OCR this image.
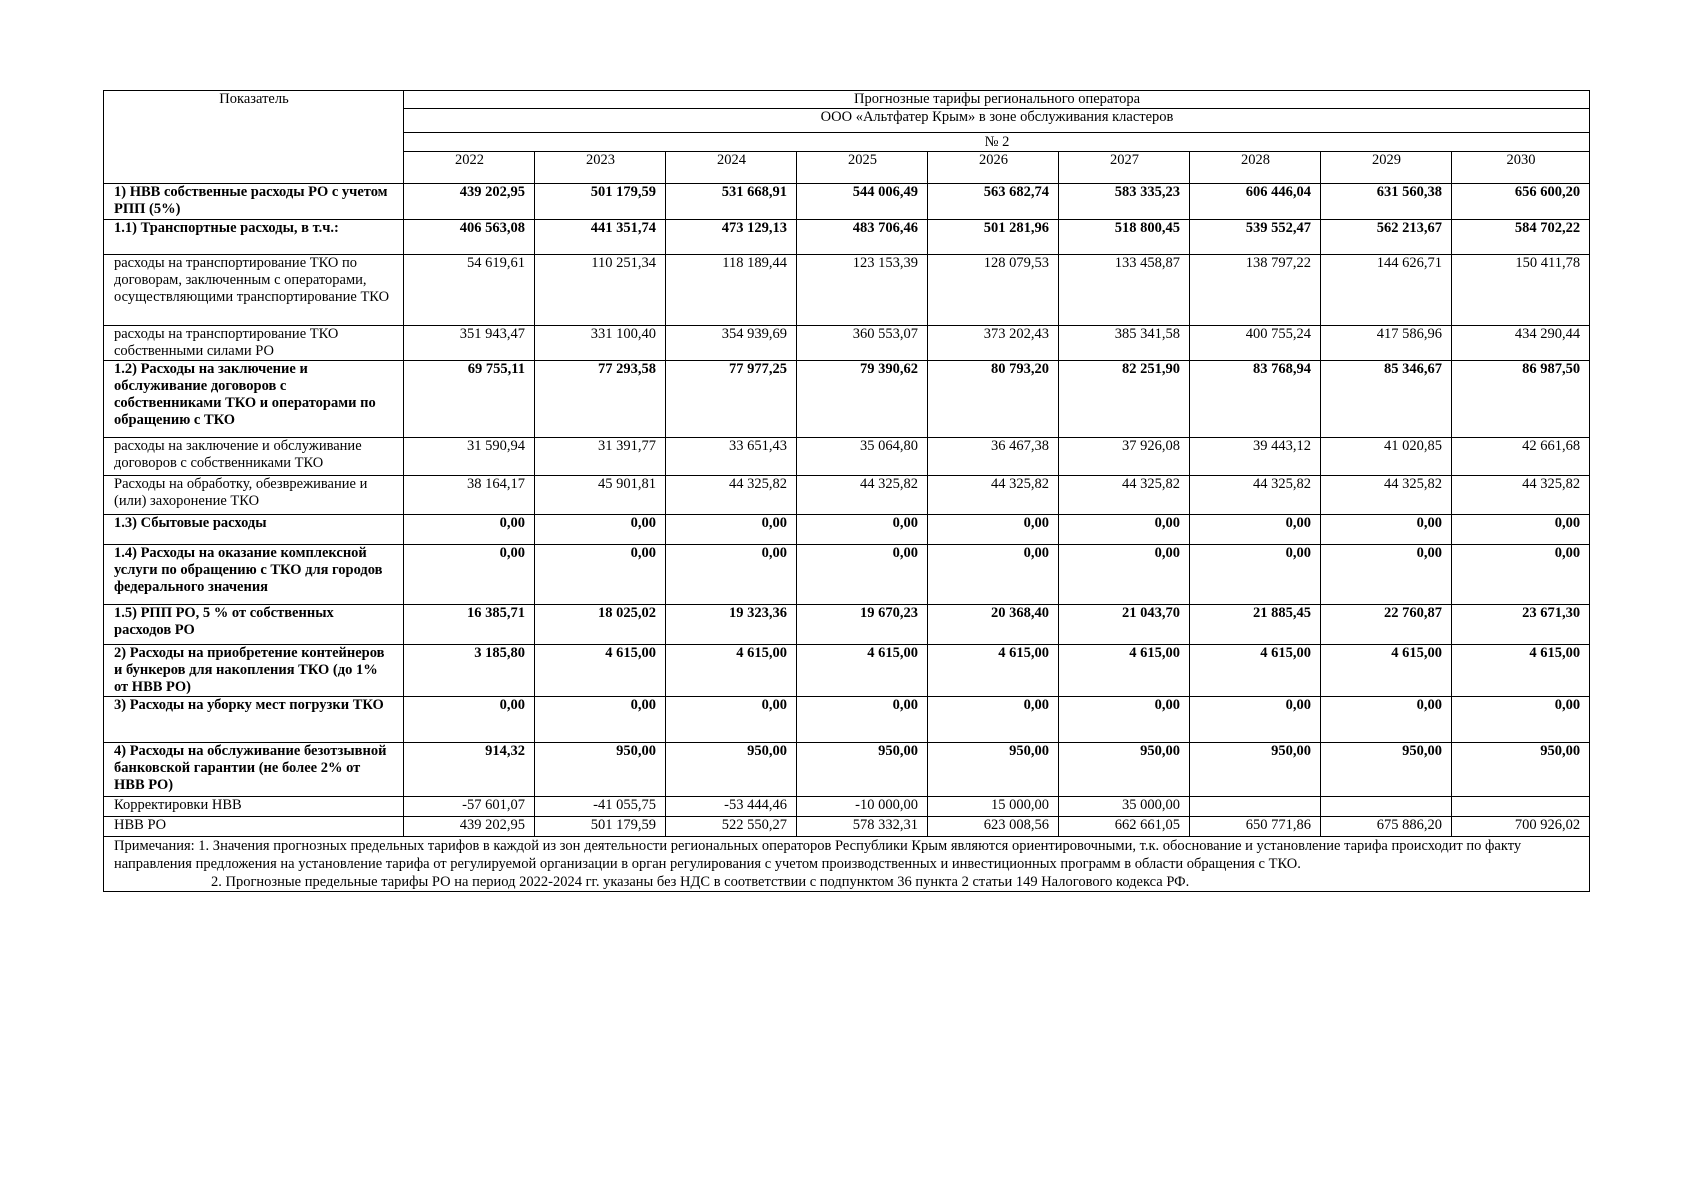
Показатель	Прогнозные тарифы регионального оператора								
	ООО «Альтфатер Крым» в зоне обслуживания кластеров								
	№ 2								
	2022	2023	2024	2025	2026	2027	2028	2029	2030
1) НВВ собственные расходы РО с учетом РПП (5%)	439 202,95	501 179,59	531 668,91	544 006,49	563 682,74	583 335,23	606 446,04	631 560,38	656 600,20
1.1) Транспортные расходы, в т.ч.:	406 563,08	441 351,74	473 129,13	483 706,46	501 281,96	518 800,45	539 552,47	562 213,67	584 702,22
расходы на транспортирование ТКО по договорам, заключенным с операторами, осуществляющими транспортирование ТКО	54 619,61	110 251,34	118 189,44	123 153,39	128 079,53	133 458,87	138 797,22	144 626,71	150 411,78
расходы на транспортирование ТКО собственными силами РО	351 943,47	331 100,40	354 939,69	360 553,07	373 202,43	385 341,58	400 755,24	417 586,96	434 290,44
1.2) Расходы на заключение и обслуживание договоров с собственниками ТКО и операторами по обращению с ТКО	69 755,11	77 293,58	77 977,25	79 390,62	80 793,20	82 251,90	83 768,94	85 346,67	86 987,50
расходы на заключение и обслуживание договоров с собственниками ТКО	31 590,94	31 391,77	33 651,43	35 064,80	36 467,38	37 926,08	39 443,12	41 020,85	42 661,68
Расходы на обработку, обезвреживание и (или) захоронение ТКО	38 164,17	45 901,81	44 325,82	44 325,82	44 325,82	44 325,82	44 325,82	44 325,82	44 325,82
1.3) Сбытовые расходы	0,00	0,00	0,00	0,00	0,00	0,00	0,00	0,00	0,00
1.4) Расходы на оказание комплексной услуги по обращению с ТКО для городов федерального значения	0,00	0,00	0,00	0,00	0,00	0,00	0,00	0,00	0,00
1.5) РПП РО, 5 % от собственных расходов РО	16 385,71	18 025,02	19 323,36	19 670,23	20 368,40	21 043,70	21 885,45	22 760,87	23 671,30
2) Расходы на приобретение контейнеров и бункеров для накопления ТКО (до 1% от НВВ РО)	3 185,80	4 615,00	4 615,00	4 615,00	4 615,00	4 615,00	4 615,00	4 615,00	4 615,00
3) Расходы на уборку мест погрузки ТКО	0,00	0,00	0,00	0,00	0,00	0,00	0,00	0,00	0,00
4) Расходы на обслуживание безотзывной банковской гарантии (не более 2% от НВВ РО)	914,32	950,00	950,00	950,00	950,00	950,00	950,00	950,00	950,00
Корректировки НВВ	-57 601,07	-41 055,75	-53 444,46	-10 000,00	15 000,00	35 000,00			
НВВ РО	439 202,95	501 179,59	522 550,27	578 332,31	623 008,56	662 661,05	650 771,86	675 886,20	700 926,02

Примечания: 1. Значения прогнозных предельных тарифов в каждой из зон деятельности региональных операторов Республики Крым являются ориентировочными, т.к. обоснование и установление тарифа происходит по факту направления предложения на установление тарифа от регулируемой организации в орган регулирования с учетом производственных и инвестиционных программ в области обращения с ТКО.
2. Прогнозные предельные тарифы РО на период 2022-2024 гг. указаны без НДС в соответствии с подпунктом 36 пункта 2 статьи 149 Налогового кодекса РФ.									
